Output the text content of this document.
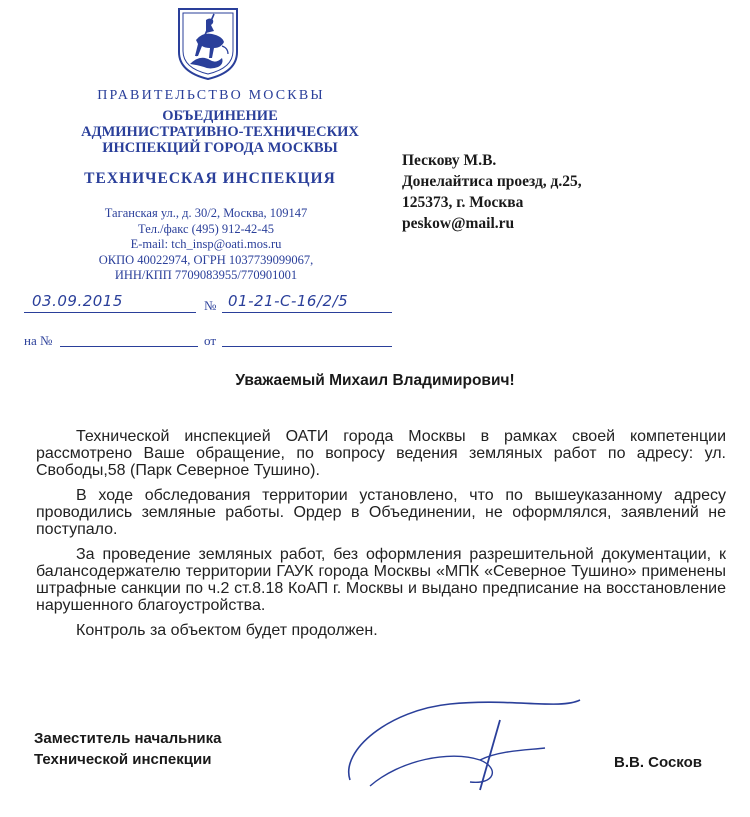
ПРАВИТЕЛЬСТВО МОСКВЫ
ОБЪЕДИНЕНИЕ
АДМИНИСТРАТИВНО-ТЕХНИЧЕСКИХ
ИНСПЕКЦИЙ ГОРОДА МОСКВЫ
ТЕХНИЧЕСКАЯ ИНСПЕКЦИЯ
Таганская ул., д. 30/2, Москва, 109147
Тел./факс (495) 912-42-45
E-mail: tch_insp@oati.mos.ru
ОКПО 40022974, ОГРН 1037739099067,
ИНН/КПП 7709083955/770901001
03.09.2015	№ 01-21-С-16/2/5
на №	от
Пескову М.В.
Донелайтиса проезд, д.25,
125373, г. Москва
peskow@mail.ru
Уважаемый Михаил Владимирович!

Технической инспекцией ОАТИ города Москвы в рамках своей компетенции рассмотрено Ваше обращение, по вопросу ведения земляных работ по адресу: ул. Свободы,58 (Парк Северное Тушино).

В ходе обследования территории установлено, что по вышеуказанному адресу проводились земляные работы. Ордер в Объединении, не оформлялся, заявлений не поступало.

За проведение земляных работ, без оформления разрешительной документации, к балансодержателю территории ГАУК города Москвы «МПК «Северное Тушино» применены штрафные санкции по ч.2 ст.8.18 КоАП г. Москвы и выдано предписание на восстановление нарушенного благоустройства.

Контроль за объектом будет продолжен.

Заместитель начальника
Технической инспекции	В.В. Сосков
